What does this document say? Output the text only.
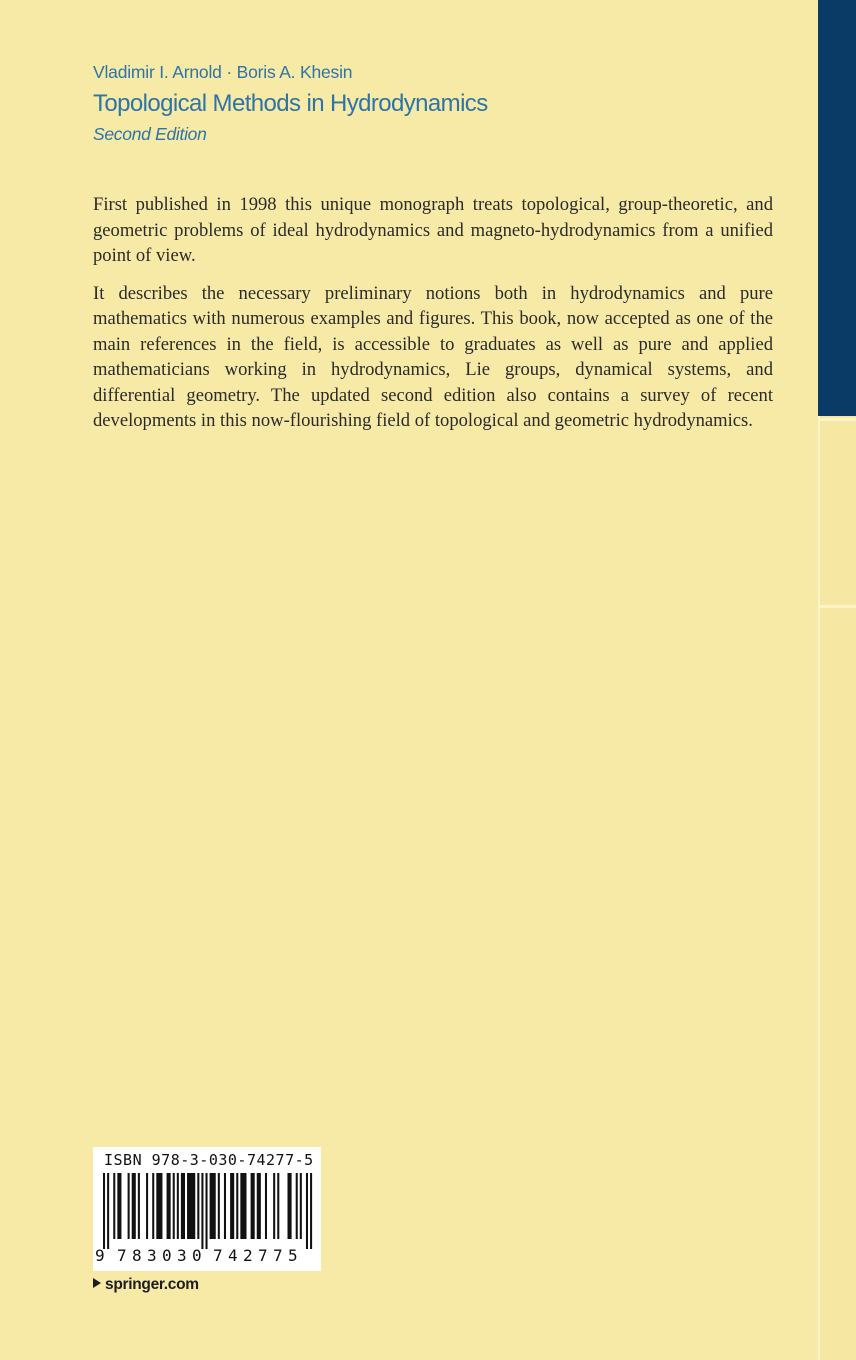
Vladimir I. Arnold · Boris A. Khesin
Topological Methods in Hydrodynamics
Second Edition

First published in 1998 this unique monograph treats topological, group-theoretic, and geometric problems of ideal hydrodynamics and magneto-hydrodynamics from a unified point of view.

It describes the necessary preliminary notions both in hydrodynamics and pure mathematics with numerous examples and figures. This book, now accepted as one of the main references in the field, is accessible to graduates as well as pure and applied mathematicians working in hydrodynamics, Lie groups, dynamical systems, and differential geometry. The updated second edition also contains a survey of recent developments in this now-flourishing field of topological and geometric hydrodynamics.

ISBN 978-3-030-74277-5
9 7 8 3 0 3 0 7 4 2 7 7 5
springer.com
